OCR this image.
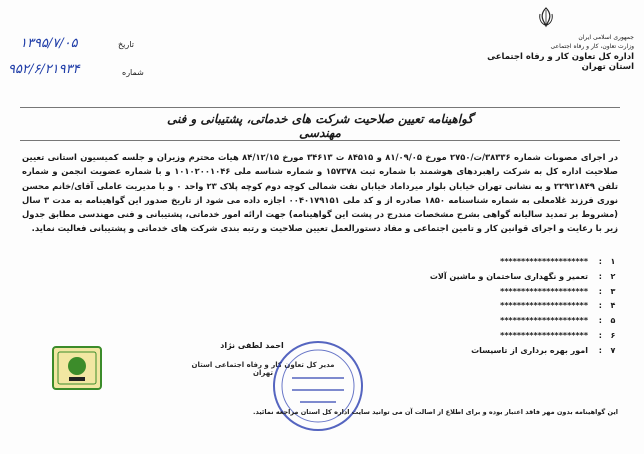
۱۳۹۵/۷/۰۵	تاریخ
۹۵۲/۶/۲۱۹۳۴	شماره
جمهوری اسلامی ایران
وزارت تعاون، کار و رفاه اجتماعی
اداره کل تعاون کار و رفاه اجتماعی استان تهران
گواهینامه تعیین صلاحیت شرکت های خدماتی، پشتیبانی و فنی مهندسی
در اجرای مصوبات شماره ۳۸۳۳۶/ت/۲۷۵۰ مورخ ۸۱/۰۹/۰۵ و ۸۴۵۱۵ ت ۳۴۶۱۳ مورخ ۸۴/۱۲/۱۵ هیات محترم وزیران و جلسه کمیسیون استانی تعیین صلاحیت اداره کل به شرکت راهبردهای هوشمند با شماره ثبت ۱۵۷۳۷۸ و شماره شناسه ملی ۱۰۱۰۲۰۰۱۰۴۶ و با شماره عضویت انجمن و شماره تلفن ۲۲۹۲۱۸۴۹ و به نشانی تهران خیابان بلوار میرداماد خیابان نفت شمالی کوچه دوم کوچه پلاک ۲۳ واحد ۰ و با مدیریت عاملی آقای/خانم محسن نوری فرزند غلامعلی به شماره شناسنامه ۱۸۵۰ صادره از و کد ملی ۰۰۴۰۱۷۹۱۵۱ اجازه داده می شود از تاریخ صدور این گواهینامه به مدت ۳ سال (مشروط بر تمدید سالیانه گواهی بشرح مشخصات مندرج در پشت این گواهینامه) جهت ارائه امور خدماتی، پشتیبانی و فنی مهندسی مطابق جدول زیر با رعایت و اجرای قوانین کار و تامین اجتماعی و مفاد دستورالعمل تعیین صلاحیت و رتبه بندی شرکت های خدماتی و پشتیبانی فعالیت نماید.
۱
:
*********************
۲
:
تعمیر و نگهداری ساختمان و ماشین آلات
۳
:
*********************
۴
:
*********************
۵
:
*********************
۶
:
*********************
۷
:
امور بهره برداری از تاسیسات
احمد لطفی نژاد
مدیر کل تعاون کار و رفاه اجتماعی استان تهران
این گواهینامه بدون مهر فاقد اعتبار بوده و برای اطلاع از اصالت آن می توانید سایت اداره کل استان مراجعه نمائید.
